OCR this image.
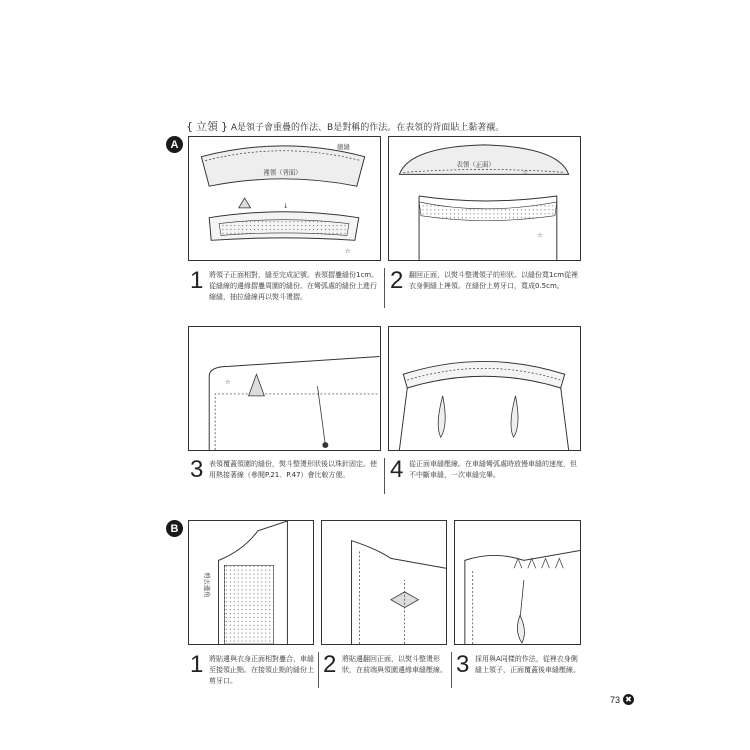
{ 立領 } A是領子會重疊的作法、B是對稱的作法。在表領的背面貼上黏著襯。
A	縮縫
裡領（背面）
↓
☆
表領（正面）
☆
☆
1 將領子正面相對，縫至完成記號。表領摺疊縫份1cm。從縫線的邊緣摺疊周圍的縫份。在彎弧處的縫份上進行縮縫，抽拉縫線再以熨斗燙摺。
2 翻回正面，以熨斗整燙領子的形狀。以縫份寬1cm從裡衣身側縫上裡領。在縫份上剪牙口，寬成0.5cm。
☆
3 表領覆蓋領圍的縫份，熨斗整燙形狀後以珠針固定。使用熱接著線（參閱P.21．P.47）會比較方便。	4 從正面車縫壓線。在車縫彎弧處時放慢車縫的速度，但不中斷車縫，一次車縫完畢。
B
剪去邊角
1 將貼邊與衣身正面相對疊合，車縫至接領止點。在接領止點的縫份上剪牙口。
2 將貼邊翻回正面，以熨斗整燙形狀，在前端與領圍邊緣車縫壓線。 3 採用與A同樣的作法，從裡衣身側縫上領子，正面覆蓋後車縫壓線。
73 ✖
